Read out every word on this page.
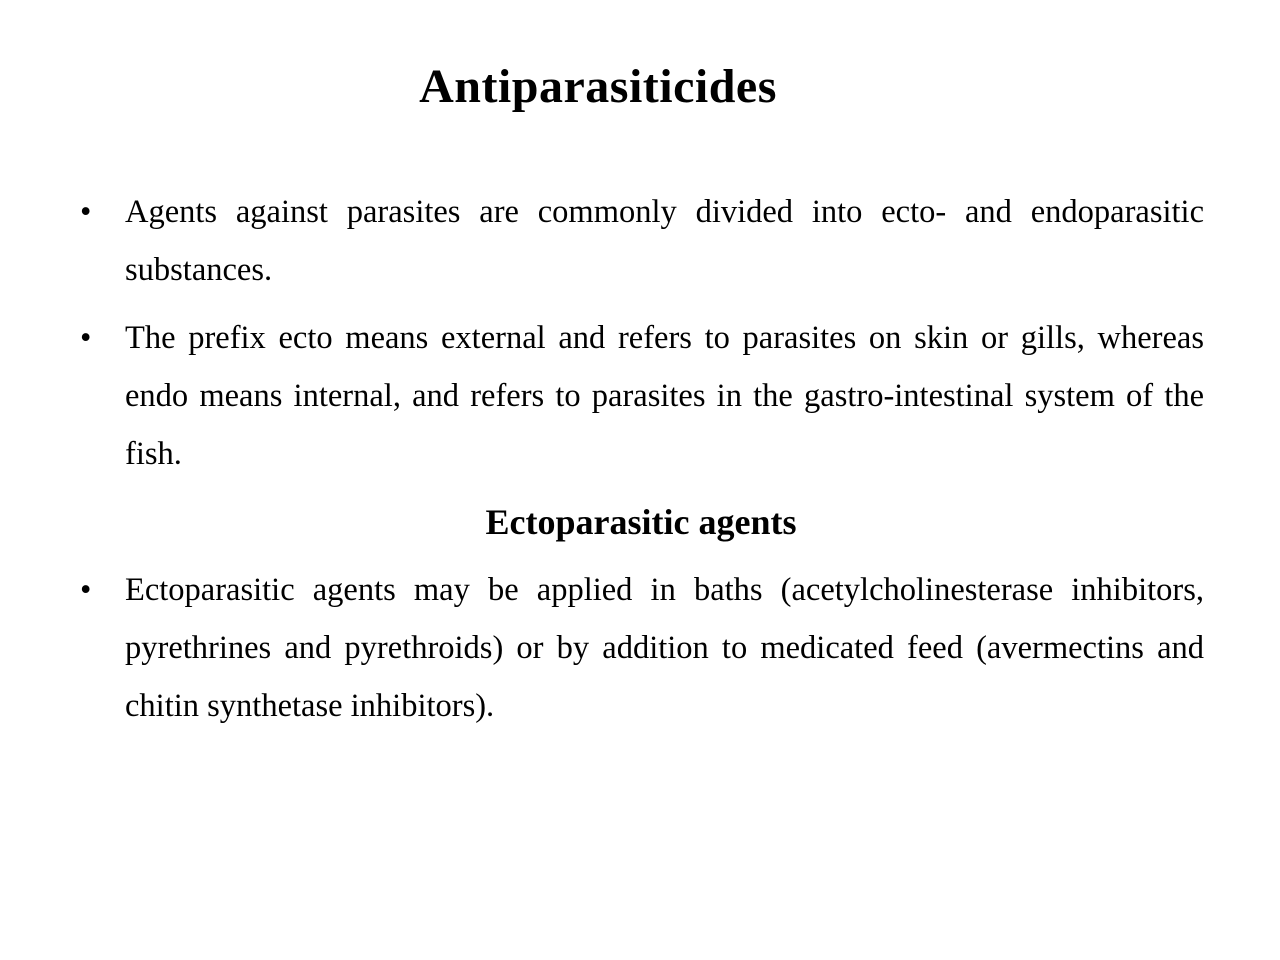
Antiparasiticides
• Agents against parasites are commonly divided into ecto- and endoparasitic substances.
• The prefix ecto means external and refers to parasites on skin or gills, whereas endo means internal, and refers to parasites in the gastro-intestinal system of the fish.
Ectoparasitic agents
• Ectoparasitic agents may be applied in baths (acetylcholinesterase inhibitors, pyrethrines and pyrethroids) or by addition to medicated feed (avermectins and chitin synthetase inhibitors).
